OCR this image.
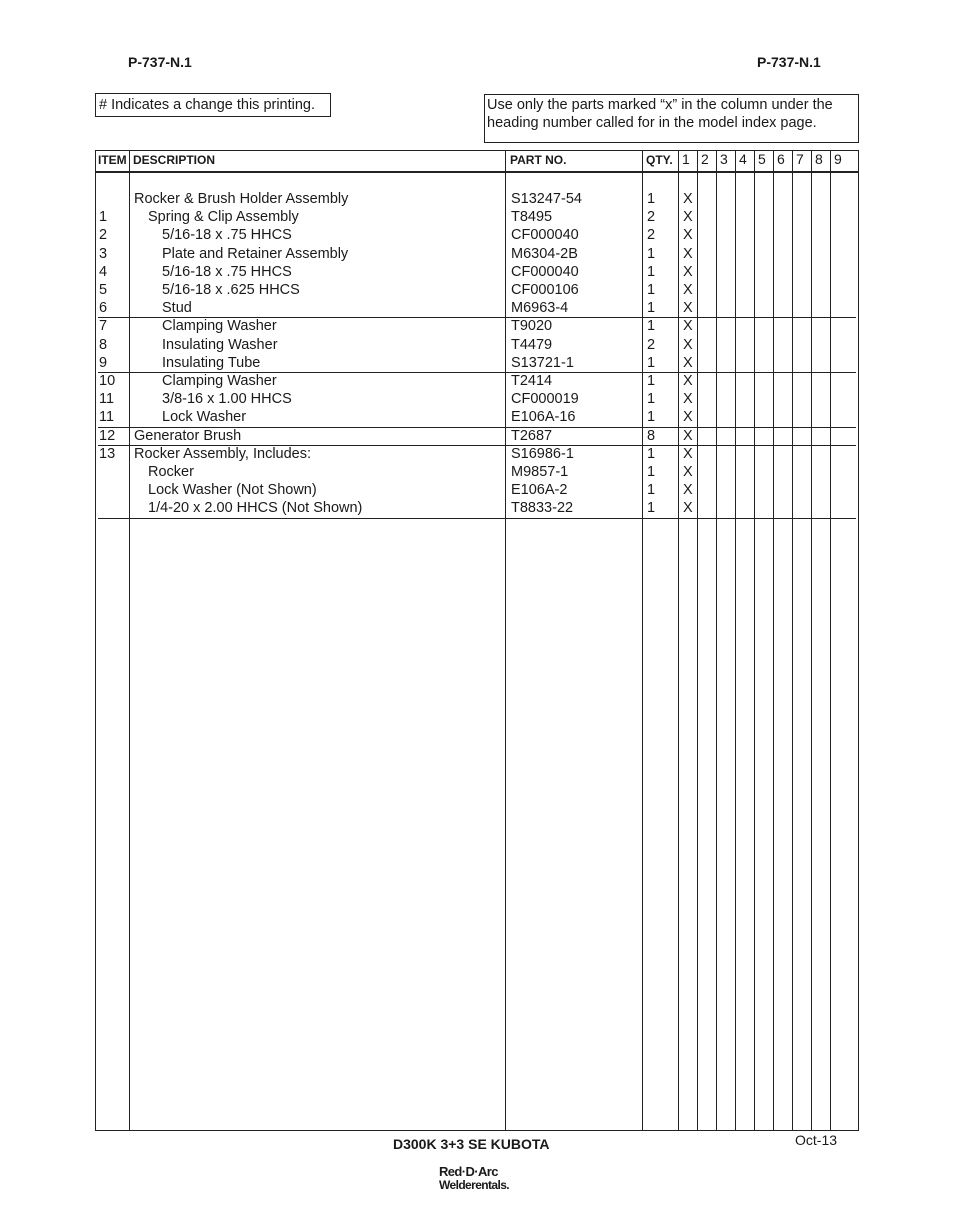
P-737-N.1	P-737-N.1
# Indicates a change this printing.	Use only the parts marked “x” in the column under the
heading number called for in the model index page.
ITEM DESCRIPTION	PART NO.	QTY. 1 2 3 4 5 6 7 8 9
Rocker & Brush Holder Assembly	S13247-54	1 X
1	Spring & Clip Assembly	T8495	2 X
2	5/16-18 x .75 HHCS	CF000040	2 X
3	Plate and Retainer Assembly	M6304-2B	1 X
4	5/16-18 x .75 HHCS	CF000040	1 X
5	5/16-18 x .625 HHCS	CF000106	1 X
6	Stud	M6963-4	1 X
7	Clamping Washer	T9020	1 X
8	Insulating Washer	T4479	2 X
9	Insulating Tube	S13721-1	1 X
10	Clamping Washer	T2414	1 X
11	3/8-16 x 1.00 HHCS	CF000019	1 X
11	Lock Washer	E106A-16	1 X
12 Generator Brush	T2687	8 X
13 Rocker Assembly, Includes:	S16986-1	1 X
Rocker	M9857-1	1 X
Lock Washer (Not Shown)	E106A-2	1 X
1/4-20 x 2.00 HHCS (Not Shown)	T8833-22	1 X
D300K 3+3 SE KUBOTA	Oct-13
Red·D·Arc
Welderentals.
